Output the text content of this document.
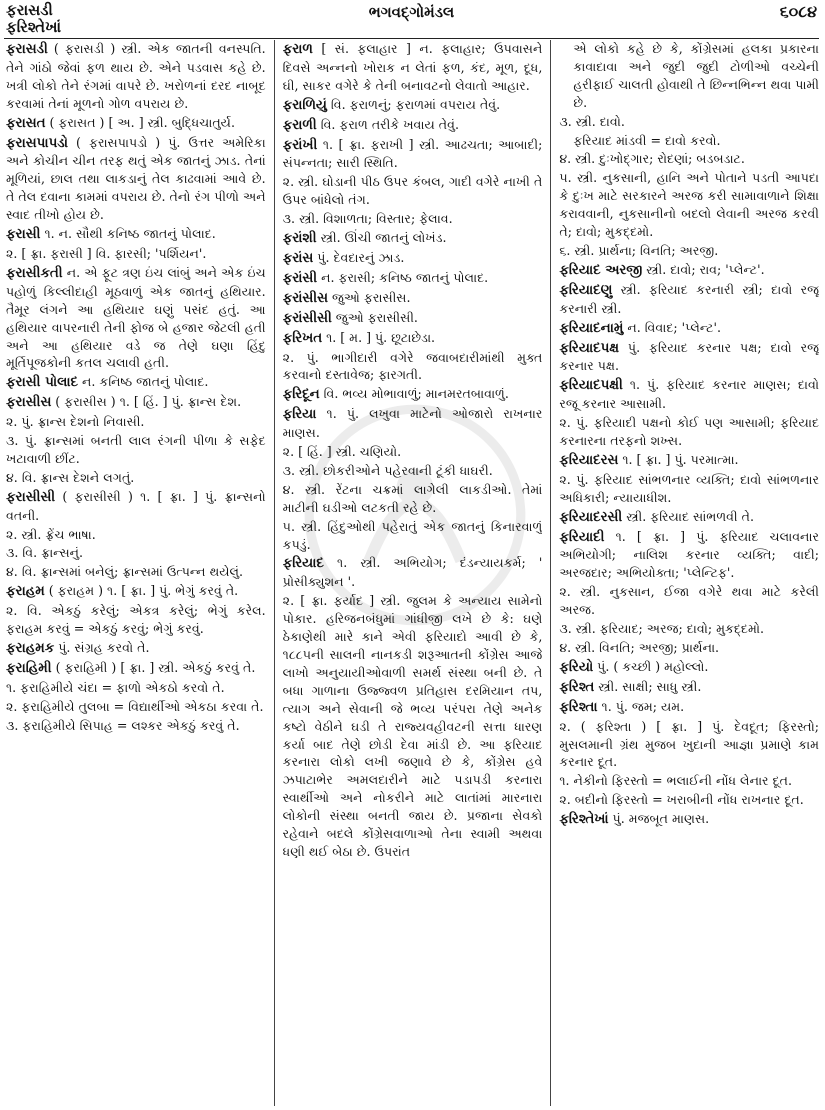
ફરાસડી
ફરિશ્તેખાં
ભગવદ્ગોમંડલ	૬૦૮૪

ફરાસડી ( ફરાસડી ) સ્ત્રી. એક જાતની વનસ્પતિ. તેને ગાંઠો જેવાં ફળ થાય છે. એને પડવાસ કહે છે. ખત્રી લોકો તેને રંગમાં વાપરે છે. ખરોળનાં દરદ નાબૂદ કરવામાં તેનાં મૂળનો ગોળ વપરાય છે.

ફરાસત ( ફરાસત ) [ અ. ] સ્ત્રી. બુદ્ધિચાતુર્ય.

ફરાસપાપડો ( ફરાસપાપડો ) પું. ઉત્તર અમેરિકા અને કોચીન ચીન તરફ થતું એક જાતનું ઝાડ. તેનાં મૂળિયાં, છાલ તથા લાકડાનું તેલ કાઢવામાં આવે છે. તે તેલ દવાના કામમાં વપરાય છે. તેનો રંગ પીળો અને સ્વાદ તીખો હોય છે.

ફરાસી ૧. ન. સૌથી કનિષ્ઠ જાતનું પોલાદ.

૨. [ ફ્રા. ફરાસી ] વિ. ફારસી; 'પર્શિયન'.

ફરાસીકતી ન. એ ફૂટ ત્રણ ઇંચ લાંબું અને એક ઇંચ પહોળું કિલ્લીદાહી મૂઠવાળું એક જાતનું હથિયાર. તૈમૂર લંગને આ હથિયાર ઘણું પસંદ હતું. આ હથિયાર વાપરનારી તેની ફોજ બે હજાર જેટલી હતી અને આ હથિયાર વડે જ તેણે ઘણા હિંદુ મૂર્તિપૂજકોની કતલ ચલાવી હતી.

ફરાસી પોલાદ ન. કનિષ્ઠ જાતનું પોલાદ.

ફરાસીસ ( ફરાસીસ ) ૧. [ હિં. ] પું. ફ્રાન્સ દેશ.

૨. પું. ફ્રાન્સ દેશનો નિવાસી.

૩. પું. ફ્રાન્સમાં બનતી લાલ રંગની પીળા કે સફેદ ખટાવાળી છીંટ.

૪. વિ. ફ્રાન્સ દેશને લગતું.

ફરાસીસી ( ફરાસીસી ) ૧. [ ફ્રા. ] પું. ફ્રાન્સનો વતની.

૨. સ્ત્રી. ફ્રેંચ ભાષા.

૩. વિ. ફ્રાન્સનું.

૪. વિ. ફ્રાન્સમાં બનેલું; ફ્રાન્સમાં ઉત્પન્ન થયેલું.

ફરાહમ ( ફરાહમ ) ૧. [ ફ્રા. ] પું. ભેગું કરવું તે.

૨. વિ. એકઠું કરેલું; એકત્ર કરેલું; ભેગું કરેલ. ફરાહમ કરવું = એકઠું કરવું; ભેગું કરવું.

ફરાહમક પું. સંગ્રહ કરવો તે.

ફરાહિમી ( ફરાહિમી ) [ ફ્રા. ] સ્ત્રી. એકઠું કરવું તે.

૧. ફરાહિમીયે ચંદા = ફાળો એકઠો કરવો તે.

૨. ફરાહિમીયે તુલબા = વિદ્યાર્થીઓ એકઠા કરવા તે.

૩. ફરાહિમીયે સિપાહ = લશ્કર એકઠું કરવું તે.

ફરાળ [ સં. ફલાહાર ] ન. ફલાહાર; ઉપવાસને દિવસે અન્નનો ખોરાક ન લેતાં ફળ, કંદ, મૂળ, દૂધ, ઘી, સાકર વગેરે કે તેની બનાવટનો લેવાતો આહાર.

ફરાળિયું વિ. ફરાળનું; ફરાળમાં વપરાય તેવું.

ફરાળી વિ. ફરાળ તરીકે ખવાય તેવું.

ફરાંખી ૧. [ ફ્રા. ફરાખી ] સ્ત્રી. આઢચતા; આબાદી; સંપન્નતા; સારી સ્થિતિ.

૨. સ્ત્રી. ઘોડાની પીઠ ઉપર કંબલ, ગાદી વગેરે નાખી તે ઉપર બાંધેલો તંગ.

૩. સ્ત્રી. વિશાળતા; વિસ્તાર; ફેલાવ.

ફરાંશી સ્ત્રી. ઊંચી જાતનું લોખંડ.

ફરાંસ પું. દેવદારનું ઝાડ.

ફરાંસી ન. ફરાસી; કનિષ્ઠ જાતનું પોલાદ.

ફરાંસીસ જુઓ ફરાસીસ.

ફરાંસીસી જુઓ ફરાસીસી.

ફરિખત ૧. [ મ. ] પું. છૂટાછેડા.

૨. પું. ભાગીદારી વગેરે જવાબદારીમાંથી મુક્ત કરવાનો દસ્તાવેજ; ફારગતી.

ફરિદૂન વિ. ભવ્ય મોભાવાળું; માનમરતબાવાળું.

ફરિયા ૧. પું. લખુવા માટેનો ઓજારો રાખનાર માણસ.

૨. [ હિં. ] સ્ત્રી. ચણિયો.

૩. સ્ત્રી. છોકરીઓને પહેરવાની ટૂંકી ધાઘરી.

૪. સ્ત્રી. રેંટના ચક્રમાં લાગેલી લાકડીઓ. તેમાં માટીની ઘડીઓ લટકતી રહે છે.

૫. સ્ત્રી. હિંદુઓથી પહેરાતું એક જાતનું કિનારવાળું કપડું.

ફરિયાદ ૧. સ્ત્રી. અભિયોગ; દંડન્યાયકર્મ; ' પ્રોસીક્યુશન '.

૨. [ ફ્રા. ફર્યાદ ] સ્ત્રી. જુલમ કે અન્યાય સામેનો પોકાર. હરિજનબંધુમાં ગાંધીજી લખે છે કે: ઘણે ઠેકાણેથી મારે કાને એવી ફરિયાદો આવી છે કે, ૧૮૮૫ની સાલની નાનકડી શરૂઆતની કોંગ્રેસ આજે લાખો અનુયાયીઓવાળી સમર્થ સંસ્થા બની છે. તે બધા ગાળાના ઉજ્જ્વળ પ્રતિહાસ દરમિયાન તપ, ત્યાગ અને સેવાની જે ભવ્ય પરંપરા તેણે અનેક કષ્ટો વેઠીને ઘડી તે રાજ્યવહીવટની સત્તા ધારણ કર્યા બાદ તેણે છોડી દેવા માંડી છે. આ ફરિયાદ કરનારા લોકો લખી જણાવે છે કે, કોંગ્રેસ હવે ઝપાટાભેર અમલદારીને માટે પડાપડી કરનારા સ્વાર્થીઓ અને નોકરીને માટે લાતાંમાં મારનારા લોકોની સંસ્થા બનતી જાય છે. પ્રજાના સેવકો રહેવાને બદલે કોંગ્રેસવાળાઓ તેના સ્વામી અથવા ધણી થઈ બેઠા છે. ઉપરાંત

એ લોકો કહે છે કે, કોંગ્રેસમાં હલકા પ્રકારના કાવાદાવા અને જુદી જુદી ટોળીઓ વચ્ચેની હરીફાઈ ચાલતી હોવાથી તે છિન્નભિન્ન થવા પામી છે.

૩. સ્ત્રી. દાવો.

ફરિયાદ માંડવી = દાવો કરવો.

૪. સ્ત્રી. દુઃખોદ્ગાર; રોદણાં; બડબડાટ.

૫. સ્ત્રી. નુકસાની, હાનિ અને પોતાને પડતી આપદા કે દુઃખ માટે સરકારને અરજ કરી સામાવાળાને શિક્ષા કરાવવાની, નુકસાનીનો બદલો લેવાની અરજ કરવી તે; દાવો; મુકદ્દમો.

૬. સ્ત્રી. પ્રાર્થના; વિનતિ; અરજી.

ફરિયાદ અરજી સ્ત્રી. દાવો; રાવ; 'પ્લેન્ટ'.

ફરિયાદણુ સ્ત્રી. ફરિયાદ કરનારી સ્ત્રી; દાવો રજૂ કરનારી સ્ત્રી.

ફરિયાદનામું ન. વિવાદ; 'પ્લેન્ટ'.

ફરિયાદપક્ષ પું. ફરિયાદ કરનાર પક્ષ; દાવો રજૂ કરનાર પક્ષ.

ફરિયાદપક્ષી ૧. પું. ફરિયાદ કરનાર માણસ; દાવો રજૂ કરનાર આસામી.

૨. પું. ફરિયાદી પક્ષનો કોઈ પણ આસામી; ફરિયાદ કરનારના તરફનો શખ્સ.

ફરિયાદરસ ૧. [ ફ્રા. ] પું. પરમાત્મા.

૨. પું. ફરિયાદ સાંભળનાર વ્યક્તિ; દાવો સાંભળનાર અધિકારી; ન્યાયાધીશ.

ફરિયાદરસી સ્ત્રી. ફરિયાદ સાંભળવી તે.

ફરિયાદી ૧. [ ફ્રા. ] પું. ફરિયાદ ચલાવનાર અભિયોગી; નાલિશ કરનાર વ્યક્તિ; વાદી; અરજદાર; અભિયોક્તા; 'પ્લેન્ટિફ'.

૨. સ્ત્રી. નુકસાન, ઈજા વગેરે થવા માટે કરેલી અરજ.

૩. સ્ત્રી. ફરિયાદ; અરજ; દાવો; મુકદ્દમો.

૪. સ્ત્રી. વિનતિ; અરજી; પ્રાર્થના.

ફરિયો પું. ( કચ્છી ) મહોલ્લો.

ફરિશ્ત સ્ત્રી. સાક્ષી; સાધુ સ્ત્રી.

ફરિશ્તા ૧. પું. જમ; યમ.

૨. ( ફરિશ્તા ) [ ફ્રા. ] પું. દેવદૂત; ફિરસ્તો; મુસલમાની ગ્રંથ મુજબ ખુદાની આજ્ઞા પ્રમાણે કામ કરનાર દૂત.

૧. નેકીનો ફિરસ્તો = ભલાઈની નોંધ લેનાર દૂત.

૨. બદીનો ફિરસ્તો = ખરાબીની નોંધ રાખનાર દૂત.

ફરિશ્તેખાં પું. મજબૂત માણસ.
